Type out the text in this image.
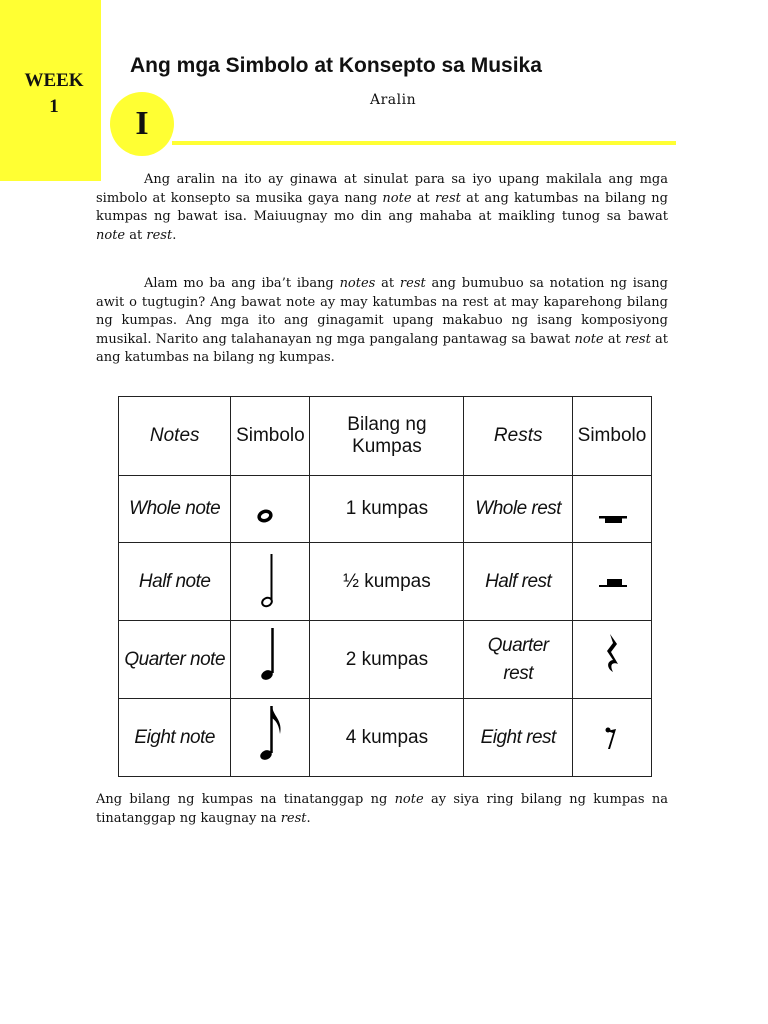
WEEK
1
Ang mga Simbolo at Konsepto sa Musika
Aralin
I
Ang aralin na ito ay ginawa at sinulat para sa iyo upang makilala ang mga simbolo at konsepto sa musika gaya nang note at rest at ang katumbas na bilang ng kumpas ng bawat isa. Maiuugnay mo din ang mahaba at maikling tunog sa bawat note at rest.
Alam mo ba ang iba’t ibang notes at rest ang bumubuo sa notation ng isang awit o tugtugin? Ang bawat note ay may katumbas na rest at may kaparehong bilang ng kumpas. Ang mga ito ang ginagamit upang makabuo ng isang komposiyong musikal. Narito ang talahanayan ng mga pangalang pantawag sa bawat note at rest at ang katumbas na bilang ng kumpas.
Notes	Simbolo	Bilang ng Kumpas	Rests	Simbolo
Whole note		1 kumpas	Whole rest	
Half note		½ kumpas	Half rest	
Quarter note		2 kumpas	Quarter rest

Eight note		4 kumpas	Eight rest	
Ang bilang ng kumpas na tinatanggap ng note ay siya ring bilang ng kumpas na tinatanggap ng kaugnay na rest.
